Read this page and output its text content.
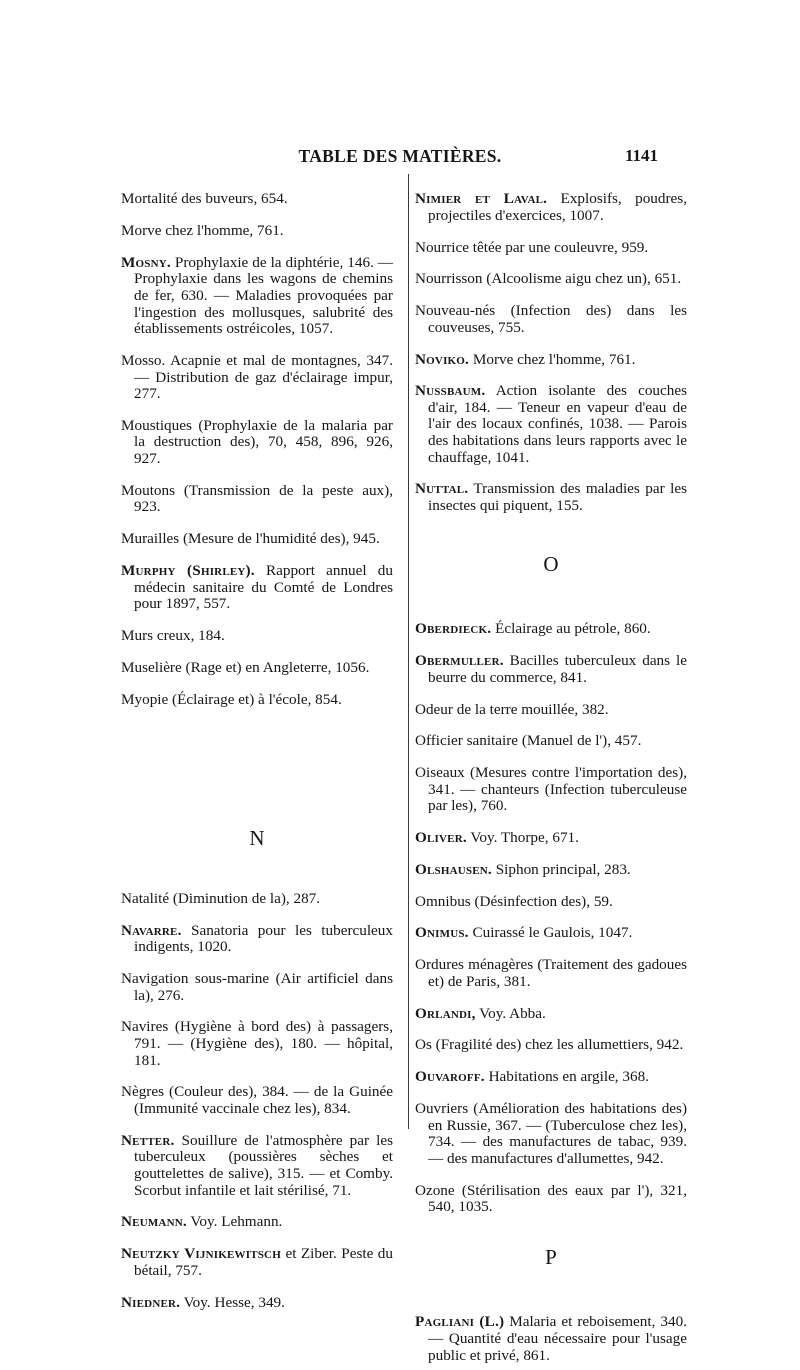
TABLE DES MATIÈRES.	1141

Mortalité des buveurs, 654.

Morve chez l'homme, 761.

Mosny. Prophylaxie de la diphtérie, 146. — Prophylaxie dans les wagons de chemins de fer, 630. — Maladies provoquées par l'ingestion des mollusques, salubrité des établissements ostréicoles, 1057.

Mosso. Acapnie et mal de montagnes, 347. — Distribution de gaz d'éclairage impur, 277.

Moustiques (Prophylaxie de la malaria par la destruction des), 70, 458, 896, 926, 927.

Moutons (Transmission de la peste aux), 923.

Murailles (Mesure de l'humidité des), 945.

Murphy (Shirley). Rapport annuel du médecin sanitaire du Comté de Londres pour 1897, 557.

Murs creux, 184.

Muselière (Rage et) en Angleterre, 1056.

Myopie (Éclairage et) à l'école, 854.

N

Natalité (Diminution de la), 287.

Navarre. Sanatoria pour les tuberculeux indigents, 1020.

Navigation sous-marine (Air artificiel dans la), 276.

Navires (Hygiène à bord des) à passagers, 791. — (Hygiène des), 180. — hôpital, 181.

Nègres (Couleur des), 384. — de la Guinée (Immunité vaccinale chez les), 834.

Netter. Souillure de l'atmosphère par les tuberculeux (poussières sèches et gouttelettes de salive), 315. — et Comby. Scorbut infantile et lait stérilisé, 71.

Neumann. Voy. Lehmann.

Neutzky Vijnikewitsch et Ziber. Peste du bétail, 757.

Niedner. Voy. Hesse, 349.

Nimier et Laval. Explosifs, poudres, projectiles d'exercices, 1007.

Nourrice têtée par une couleuvre, 959.

Nourrisson (Alcoolisme aigu chez un), 651.

Nouveau-nés (Infection des) dans les couveuses, 755.

Noviko. Morve chez l'homme, 761.

Nussbaum. Action isolante des couches d'air, 184. — Teneur en vapeur d'eau de l'air des locaux confinés, 1038. — Parois des habitations dans leurs rapports avec le chauffage, 1041.

Nuttal. Transmission des maladies par les insectes qui piquent, 155.

O

Oberdieck. Éclairage au pétrole, 860.

Obermuller. Bacilles tuberculeux dans le beurre du commerce, 841.

Odeur de la terre mouillée, 382.

Officier sanitaire (Manuel de l'), 457.

Oiseaux (Mesures contre l'importation des), 341. — chanteurs (Infection tuberculeuse par les), 760.

Oliver. Voy. Thorpe, 671.

Olshausen. Siphon principal, 283.

Omnibus (Désinfection des), 59.

Onimus. Cuirassé le Gaulois, 1047.

Ordures ménagères (Traitement des gadoues et) de Paris, 381.

Orlandi, Voy. Abba.

Os (Fragilité des) chez les allumettiers, 942.

Ouvaroff. Habitations en argile, 368.

Ouvriers (Amélioration des habitations des) en Russie, 367. — (Tuberculose chez les), 734. — des manufactures de tabac, 939. — des manufactures d'allumettes, 942.

Ozone (Stérilisation des eaux par l'), 321, 540, 1035.

P

Pagliani (L.) Malaria et reboisement, 340. — Quantité d'eau nécessaire pour l'usage public et privé, 861.
